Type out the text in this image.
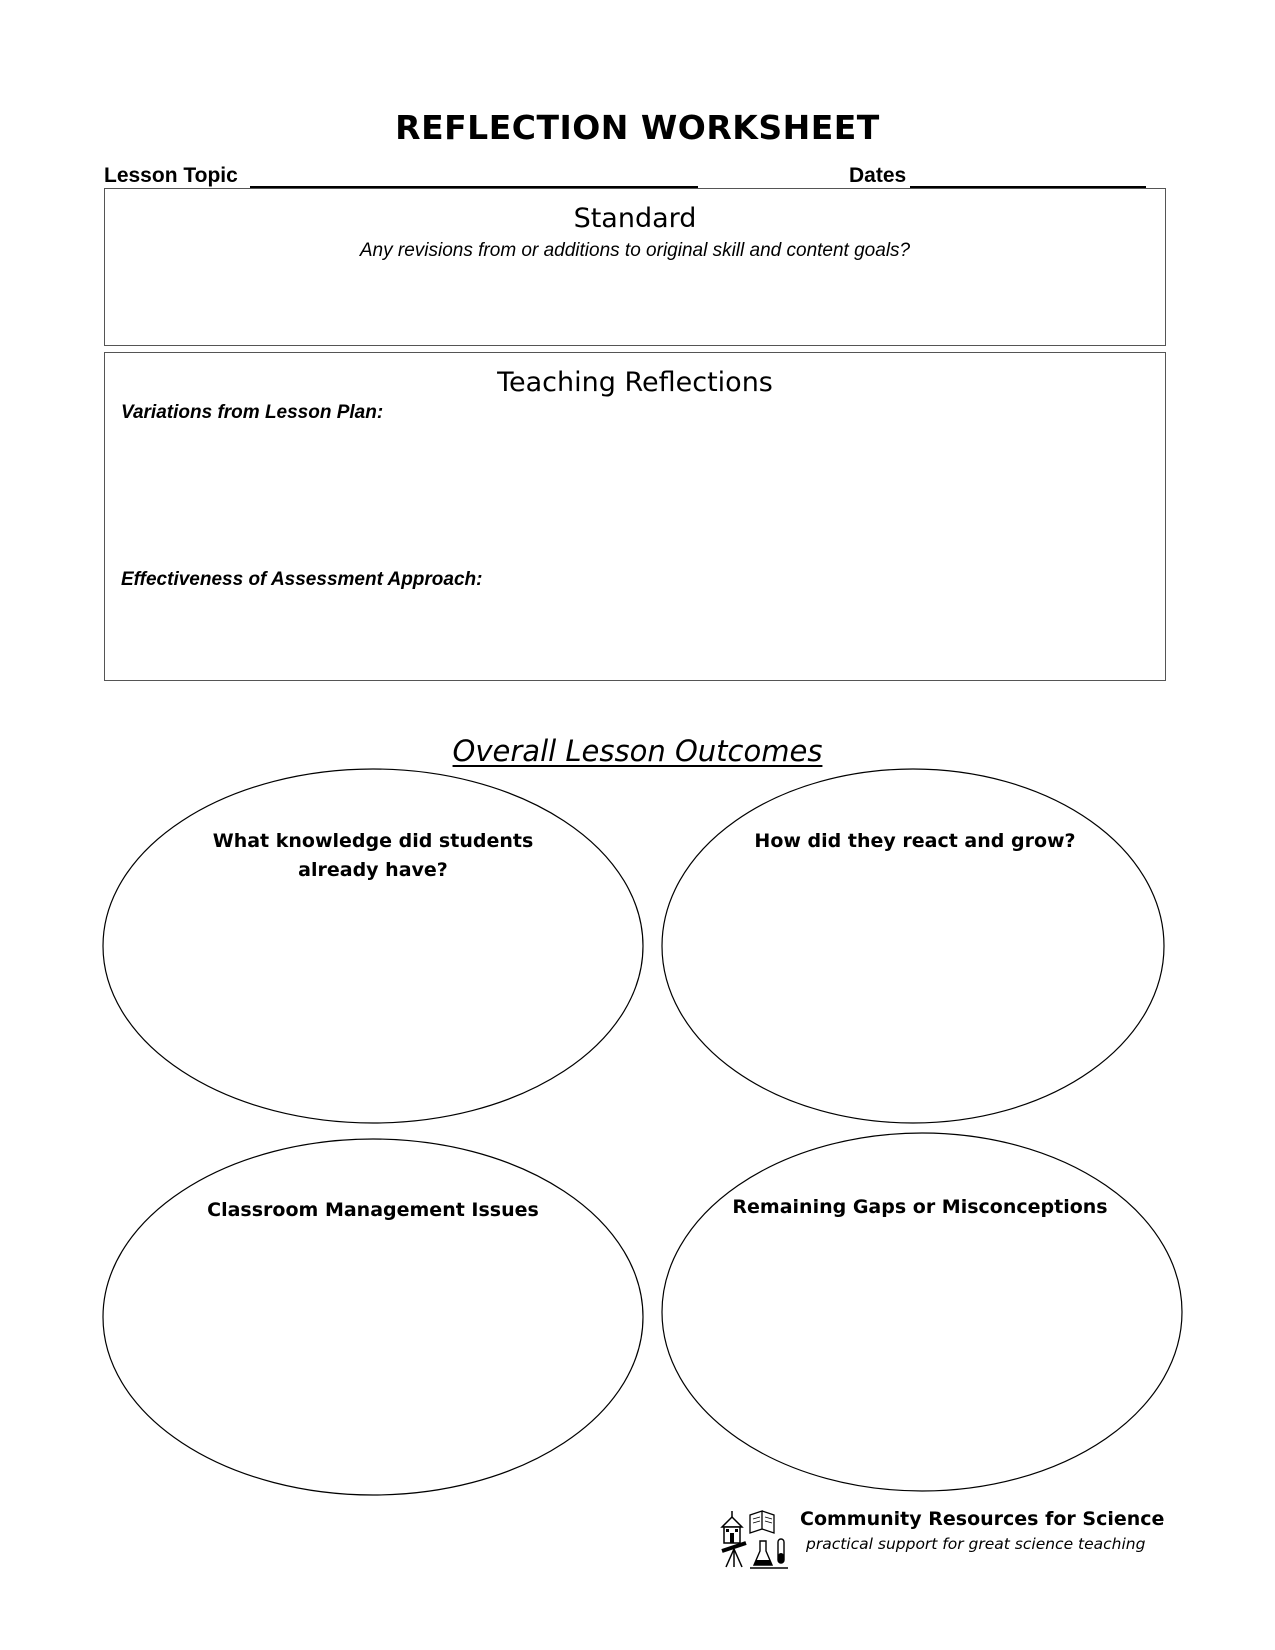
REFLECTION WORKSHEET
Lesson Topic	Dates
Standard
Any revisions from or additions to original skill and content goals?
Teaching Reflections
Variations from Lesson Plan:
Effectiveness of Assessment Approach:
Overall Lesson Outcomes
What knowledge did students already have?
How did they react and grow?
Classroom Management Issues	Remaining Gaps or Misconceptions
Community Resources for Science
practical support for great science teaching
